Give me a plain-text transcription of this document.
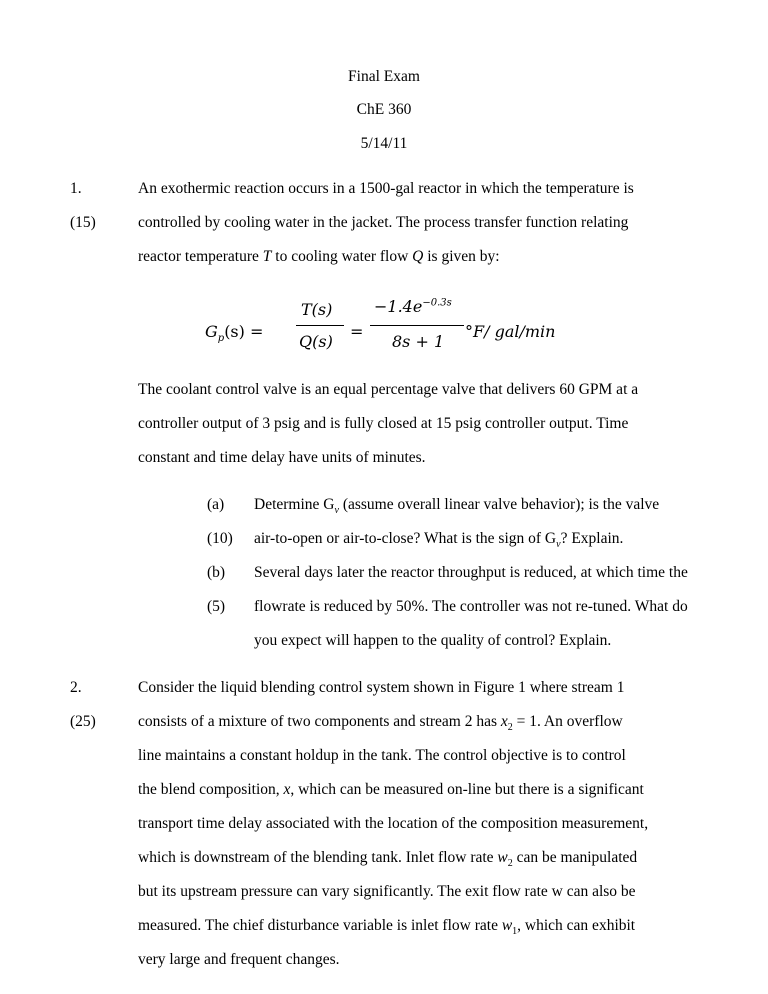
Final Exam
ChE 360
5/14/11
1.
(15)
An exothermic reaction occurs in a 1500-gal reactor in which the temperature is
controlled by cooling water in the jacket. The process transfer function relating
reactor temperature T to cooling water flow Q is given by:
$G_p(s)$ =
T(s)
Q(s)
=
$-1.4e^{-0.3s}$
8s + 1
°F/ gal/min
The coolant control valve is an equal percentage valve that delivers 60 GPM at a
controller output of 3 psig and is fully closed at 15 psig controller output. Time
constant and time delay have units of minutes.
(a)
(10)
Determine $G_v$ (assume overall linear valve behavior); is the valve
air-to-open or air-to-close? What is the sign of $G_v$? Explain.
(b)
(5)
Several days later the reactor throughput is reduced, at which time the
flowrate is reduced by 50%. The controller was not re-tuned. What do
you expect will happen to the quality of control? Explain.
2.
(25)
Consider the liquid blending control system shown in Figure 1 where stream 1
consists of a mixture of two components and stream 2 has $x_2 = 1$. An overflow
line maintains a constant holdup in the tank. The control objective is to control
the blend composition, x, which can be measured on-line but there is a significant
transport time delay associated with the location of the composition measurement,
which is downstream of the blending tank. Inlet flow rate $w_2$ can be manipulated
but its upstream pressure can vary significantly. The exit flow rate w can also be
measured. The chief disturbance variable is inlet flow rate $w_1$, which can exhibit
very large and frequent changes.
